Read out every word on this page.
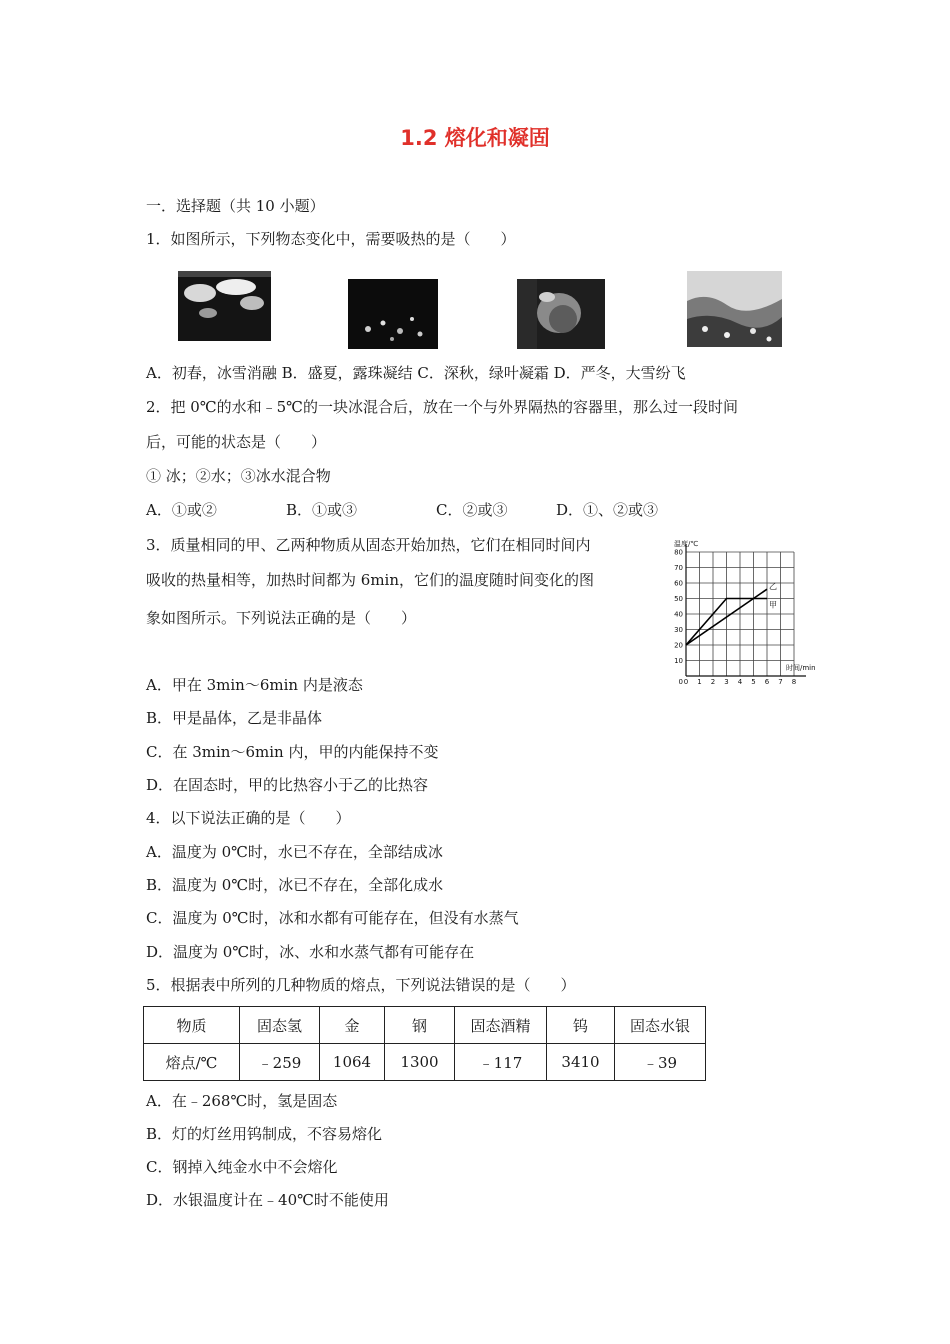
1.2 熔化和凝固
一．选择题（共 10 小题）
1．如图所示，下列物态变化中，需要吸热的是（　　）
A．初春，冰雪消融 B．盛夏，露珠凝结 C．深秋，绿叶凝霜 D．严冬，大雪纷飞
2．把 0℃的水和﹣5℃的一块冰混合后，放在一个与外界隔热的容器里，那么过一段时间
后，可能的状态是（　　）
① 冰；②水；③冰水混合物
A．①或②	B．①或③	C．②或③	D．①、②或③
3．质量相同的甲、乙两种物质从固态开始加热，它们在相同时间内
吸收的热量相等，加热时间都为 6min，它们的温度随时间变化的图
象如图所示。下列说法正确的是（　　）
0 1 2 3 4 5 6 7 8
10
20
30
40
50
60
70
80
0
温度/℃
时间/min
甲
乙
A．甲在 3min～6min 内是液态
B．甲是晶体，乙是非晶体
C．在 3min～6min 内，甲的内能保持不变
D．在固态时，甲的比热容小于乙的比热容
4．以下说法正确的是（　　）
A．温度为 0℃时，水已不存在，全部结成冰
B．温度为 0℃时，冰已不存在，全部化成水
C．温度为 0℃时，冰和水都有可能存在，但没有水蒸气
D．温度为 0℃时，冰、水和水蒸气都有可能存在
5．根据表中所列的几种物质的熔点，下列说法错误的是（　　）
物质	固态氢	金	钢	固态酒精	钨	固态水银
熔点/℃	﹣259	1064	1300	﹣117	3410	﹣39
A．在﹣268℃时，氢是固态
B．灯的灯丝用钨制成，不容易熔化
C．钢掉入纯金水中不会熔化
D．水银温度计在﹣40℃时不能使用
